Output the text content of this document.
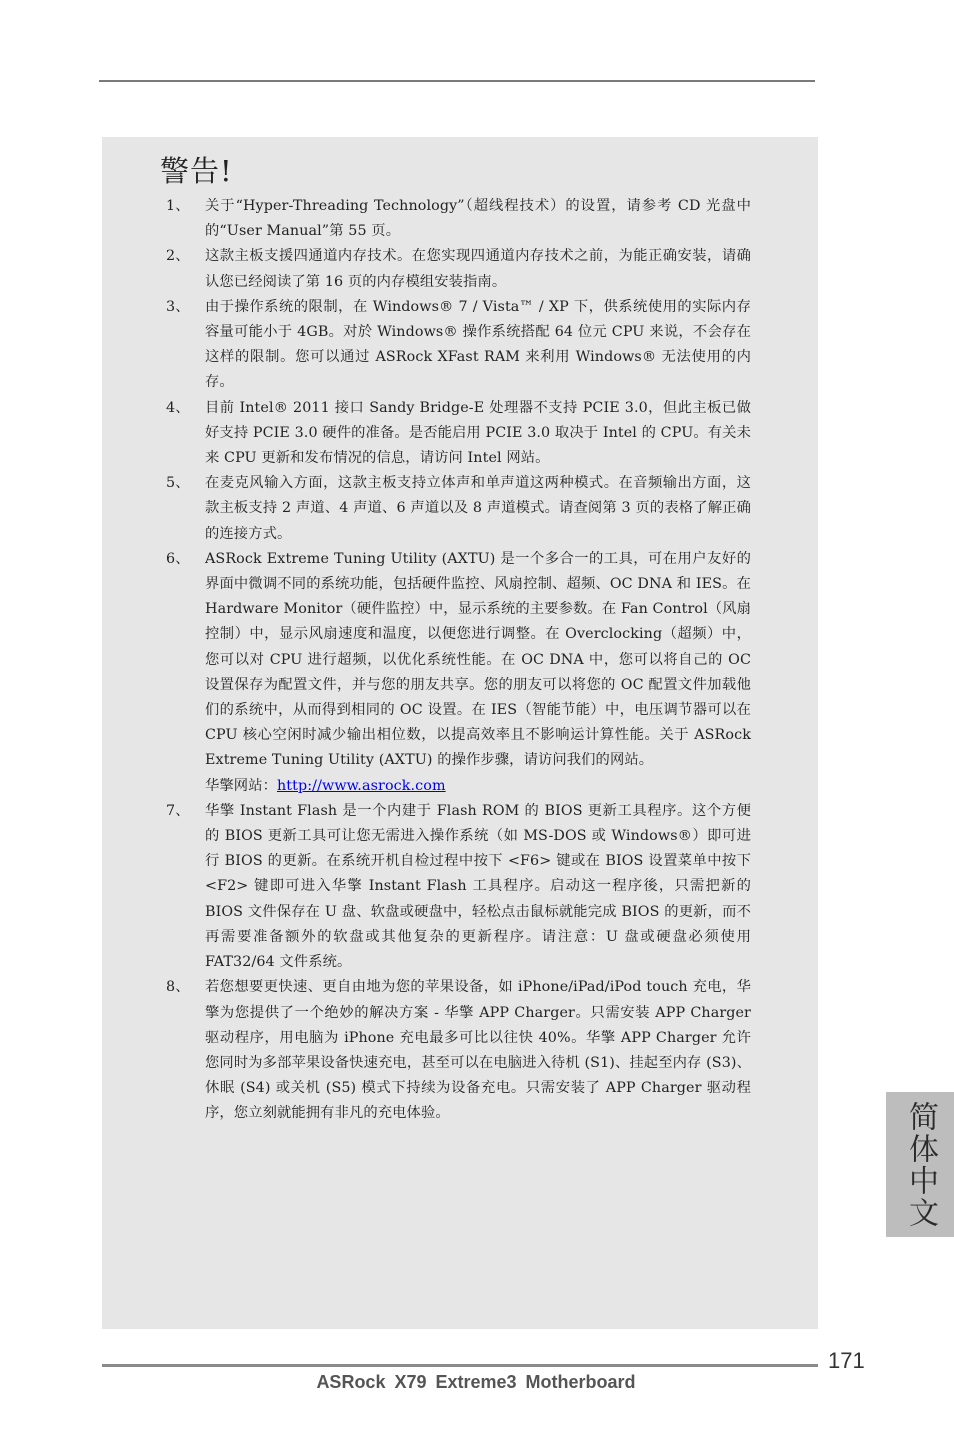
警告!
1、 关于“Hyper-Threading Technology”（超线程技术）的设置，请参考 CD 光盘中的“User Manual”第 55 页。
2、 这款主板支援四通道内存技术。在您实现四通道内存技术之前，为能正确安装，请确认您已经阅读了第 16 页的内存模组安装指南。
3、 由于操作系统的限制，在 Windows® 7 / Vista™ / XP 下，供系统使用的实际内存容量可能小于 4GB。对於 Windows® 操作系统搭配 64 位元 CPU 来说，不会存在这样的限制。您可以通过 ASRock XFast RAM 来利用 Windows® 无法使用的内存。
4、 目前 Intel® 2011 接口 Sandy Bridge-E 处理器不支持 PCIE 3.0，但此主板已做好支持 PCIE 3.0 硬件的准备。是否能启用 PCIE 3.0 取决于 Intel 的 CPU。有关未来 CPU 更新和发布情况的信息，请访问 Intel 网站。
5、 在麦克风输入方面，这款主板支持立体声和单声道这两种模式。在音频输出方面，这款主板支持 2 声道、4 声道、6 声道以及 8 声道模式。请查阅第 3 页的表格了解正确的连接方式。
6、 ASRock Extreme Tuning Utility (AXTU) 是一个多合一的工具，可在用户友好的界面中微调不同的系统功能，包括硬件监控、风扇控制、超频、OC DNA 和 IES。在 Hardware Monitor（硬件监控）中，显示系统的主要参数。在 Fan Control（风扇控制）中，显示风扇速度和温度，以便您进行调整。在 Overclocking（超频）中，您可以对 CPU 进行超频，以优化系统性能。在 OC DNA 中，您可以将自己的 OC 设置保存为配置文件，并与您的朋友共享。您的朋友可以将您的 OC 配置文件加载他们的系统中，从而得到相同的 OC 设置。在 IES（智能节能）中，电压调节器可以在 CPU 核心空闲时减少输出相位数，以提高效率且不影响运计算性能。关于 ASRock Extreme Tuning Utility (AXTU) 的操作步骤，请访问我们的网站。
华擎网站：http://www.asrock.com
7、 华擎 Instant Flash 是一个内建于 Flash ROM 的 BIOS 更新工具程序。这个方便的 BIOS 更新工具可让您无需进入操作系统（如 MS-DOS 或 Windows®）即可进行 BIOS 的更新。在系统开机自检过程中按下 <F6> 键或在 BIOS 设置菜单中按下 <F2> 键即可进入华擎 Instant Flash 工具程序。启动这一程序後，只需把新的 BIOS 文件保存在 U 盘、软盘或硬盘中，轻松点击鼠标就能完成 BIOS 的更新，而不再需要准备额外的软盘或其他复杂的更新程序。请注意：U 盘或硬盘必须使用 FAT32/64 文件系统。
8、 若您想要更快速、更自由地为您的苹果设备，如 iPhone/iPad/iPod touch 充电，华擎为您提供了一个绝妙的解决方案 - 华擎 APP Charger。只需安装 APP Charger 驱动程序，用电脑为 iPhone 充电最多可比以往快 40%。华擎 APP Charger 允许您同时为多部苹果设备快速充电，甚至可以在电脑进入待机 (S1)、挂起至内存 (S3)、休眠 (S4) 或关机 (S5) 模式下持续为设备充电。只需安装了 APP Charger 驱动程序，您立刻就能拥有非凡的充电体验。	简体中文
171
ASRock X79 Extreme3 Motherboard
